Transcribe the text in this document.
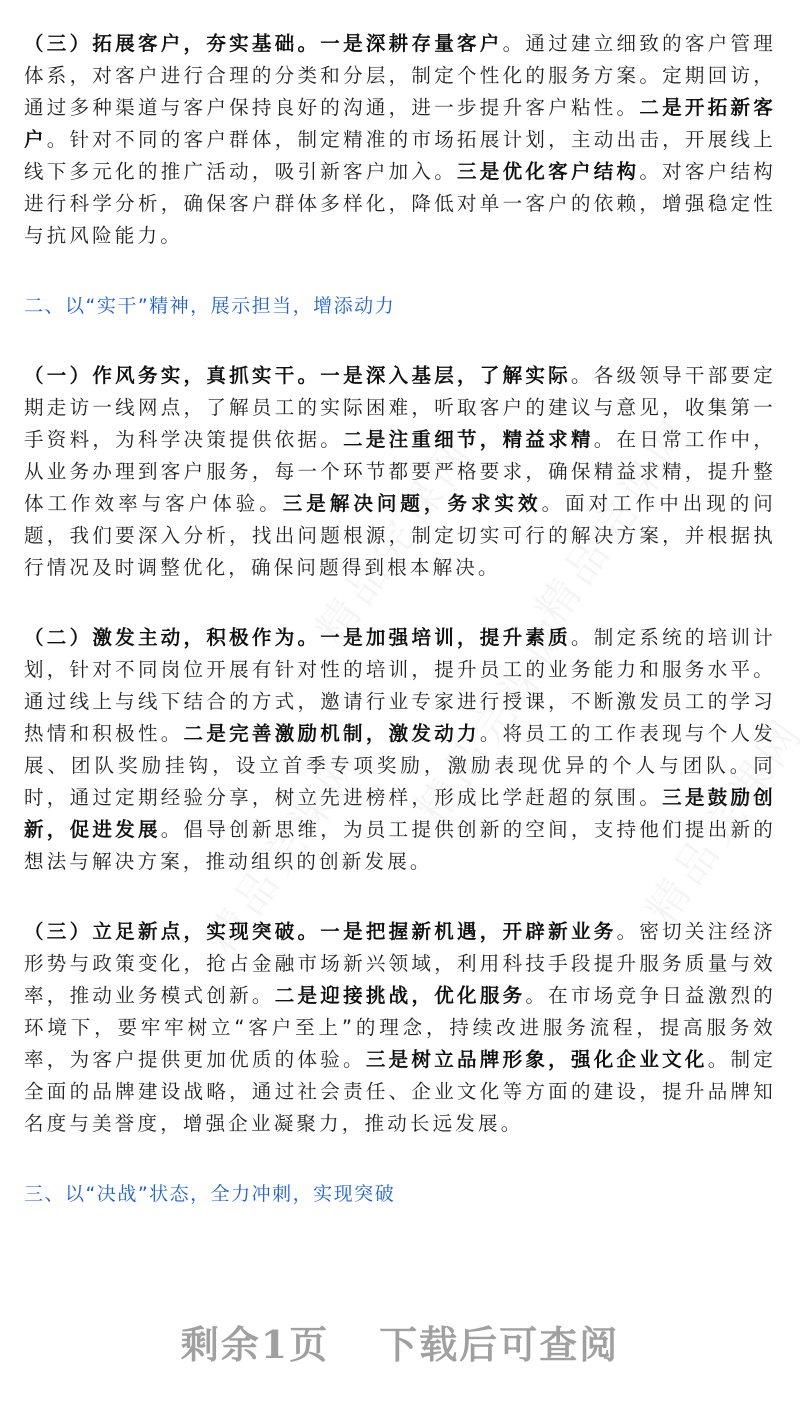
（三）拓展客户，夯实基础。一是深耕存量客户。通过建立细致的客户管理体系，对客户进行合理的分类和分层，制定个性化的服务方案。定期回访，通过多种渠道与客户保持良好的沟通，进一步提升客户粘性。二是开拓新客户。针对不同的客户群体，制定精准的市场拓展计划，主动出击，开展线上线下多元化的推广活动，吸引新客户加入。三是优化客户结构。对客户结构进行科学分析，确保客户群体多样化，降低对单一客户的依赖，增强稳定性与抗风险能力。

二、以“实干”精神，展示担当，增添动力

（一）作风务实，真抓实干。一是深入基层，了解实际。各级领导干部要定期走访一线网点，了解员工的实际困难，听取客户的建议与意见，收集第一手资料，为科学决策提供依据。二是注重细节，精益求精。在日常工作中，从业务办理到客户服务，每一个环节都要严格要求，确保精益求精，提升整体工作效率与客户体验。三是解决问题，务求实效。面对工作中出现的问题，我们要深入分析，找出问题根源，制定切实可行的解决方案，并根据执行情况及时调整优化，确保问题得到根本解决。

（二）激发主动，积极作为。一是加强培训，提升素质。制定系统的培训计划，针对不同岗位开展有针对性的培训，提升员工的业务能力和服务水平。通过线上与线下结合的方式，邀请行业专家进行授课，不断激发员工的学习热情和积极性。二是完善激励机制，激发动力。将员工的工作表现与个人发展、团队奖励挂钩，设立首季专项奖励，激励表现优异的个人与团队。同时，通过定期经验分享，树立先进榜样，形成比学赶超的氛围。三是鼓励创新，促进发展。倡导创新思维，为员工提供创新的空间，支持他们提出新的想法与解决方案，推动组织的创新发展。

（三）立足新点，实现突破。一是把握新机遇，开辟新业务。密切关注经济形势与政策变化，抢占金融市场新兴领域，利用科技手段提升服务质量与效率，推动业务模式创新。二是迎接挑战，优化服务。在市场竞争日益激烈的环境下，要牢牢树立“客户至上”的理念，持续改进服务流程，提高服务效率，为客户提供更加优质的体验。三是树立品牌形象，强化企业文化。制定全面的品牌建设战略，通过社会责任、企业文化等方面的建设，提升品牌知名度与美誉度，增强企业凝聚力，推动长远发展。

三、以“决战”状态，全力冲刺，实现突破
剩余1页 下载后可查阅
